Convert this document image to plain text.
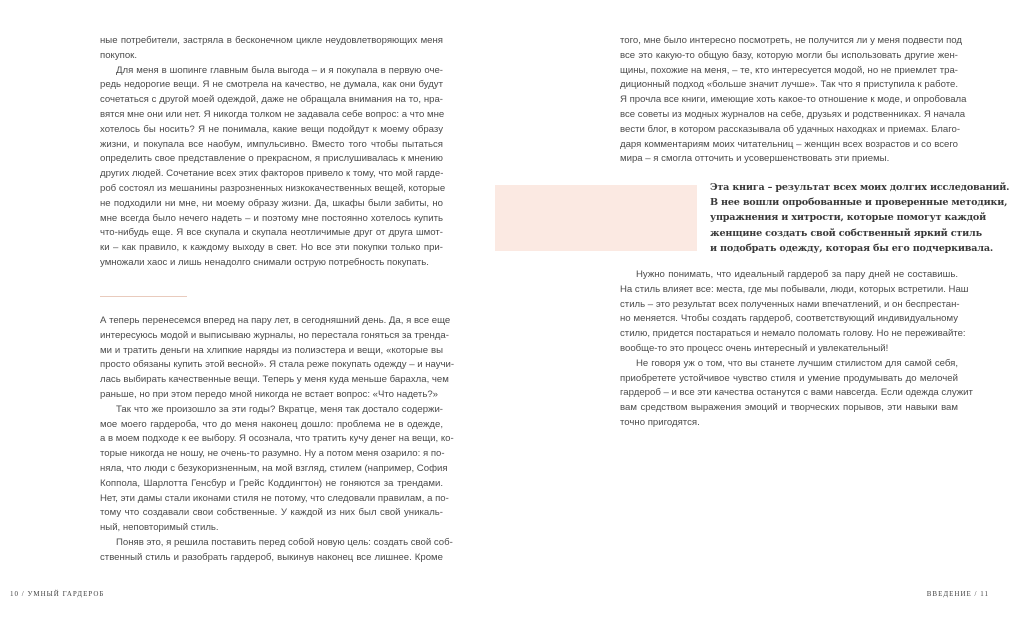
ные потребители, застряла в бесконечном цикле неудовлетворяющих меня
покупок.
Для меня в шопинге главным была выгода – и я покупала в первую оче-
редь недорогие вещи. Я не смотрела на качество, не думала, как они будут
сочетаться с другой моей одеждой, даже не обращала внимания на то, нра-
вятся мне они или нет. Я никогда толком не задавала себе вопрос: а что мне
хотелось бы носить? Я не понимала, какие вещи подойдут к моему образу
жизни, и покупала все наобум, импульсивно. Вместо того чтобы пытаться
определить свое представление о прекрасном, я прислушивалась к мнению
других людей. Сочетание всех этих факторов привело к тому, что мой гарде-
роб состоял из мешанины разрозненных низкокачественных вещей, которые
не подходили ни мне, ни моему образу жизни. Да, шкафы были забиты, но
мне всегда было нечего надеть – и поэтому мне постоянно хотелось купить
что-нибудь еще. Я все скупала и скупала неотличимые друг от друга шмот-
ки – как правило, к каждому выходу в свет. Но все эти покупки только при-
умножали хаос и лишь ненадолго снимали острую потребность покупать.
А теперь перенесемся вперед на пару лет, в сегодняшний день. Да, я все еще
интересуюсь модой и выписываю журналы, но перестала гоняться за тренда-
ми и тратить деньги на хлипкие наряды из полиэстера и вещи, «которые вы
просто обязаны купить этой весной». Я стала реже покупать одежду – и научи-
лась выбирать качественные вещи. Теперь у меня куда меньше барахла, чем
раньше, но при этом передо мной никогда не встает вопрос: «Что надеть?»
Так что же произошло за эти годы? Вкратце, меня так достало содержи-
мое моего гардероба, что до меня наконец дошло: проблема не в одежде,
а в моем подходе к ее выбору. Я осознала, что тратить кучу денег на вещи, ко-
торые никогда не ношу, не очень-то разумно. Ну а потом меня озарило: я по-
няла, что люди с безукоризненным, на мой взгляд, стилем (например, София
Коппола, Шарлотта Генсбур и Грейс Коддингтон) не гоняются за трендами.
Нет, эти дамы стали иконами стиля не потому, что следовали правилам, а по-
тому что создавали свои собственные. У каждой из них был свой уникаль-
ный, неповторимый стиль.
Поняв это, я решила поставить перед собой новую цель: создать свой соб-
ственный стиль и разобрать гардероб, выкинув наконец все лишнее. Кроме
того, мне было интересно посмотреть, не получится ли у меня подвести под
все это какую-то общую базу, которую могли бы использовать другие жен-
щины, похожие на меня, – те, кто интересуется модой, но не приемлет тра-
диционный подход «больше значит лучше». Так что я приступила к работе.
Я прочла все книги, имеющие хоть какое-то отношение к моде, и опробовала
все советы из модных журналов на себе, друзьях и родственниках. Я начала
вести блог, в котором рассказывала об удачных находках и приемах. Благо-
даря комментариям моих читательниц – женщин всех возрастов и со всего
мира – я смогла отточить и усовершенствовать эти приемы.
Эта книга – результат всех моих долгих исследований.
В нее вошли опробованные и проверенные методики,
упражнения и хитрости, которые помогут каждой
женщине создать свой собственный яркий стиль
и подобрать одежду, которая бы его подчеркивала.
Нужно понимать, что идеальный гардероб за пару дней не составишь.
На стиль влияет все: места, где мы побывали, люди, которых встретили. Наш
стиль – это результат всех полученных нами впечатлений, и он беспрестан-
но меняется. Чтобы создать гардероб, соответствующий индивидуальному
стилю, придется постараться и немало поломать голову. Но не переживайте:
вообще-то это процесс очень интересный и увлекательный!
Не говоря уж о том, что вы станете лучшим стилистом для самой себя,
приобретете устойчивое чувство стиля и умение продумывать до мелочей
гардероб – и все эти качества останутся с вами навсегда. Если одежда служит
вам средством выражения эмоций и творческих порывов, эти навыки вам
точно пригодятся.
10 / УМНЫЙ ГАРДЕРОБ	ВВЕДЕНИЕ / 11
